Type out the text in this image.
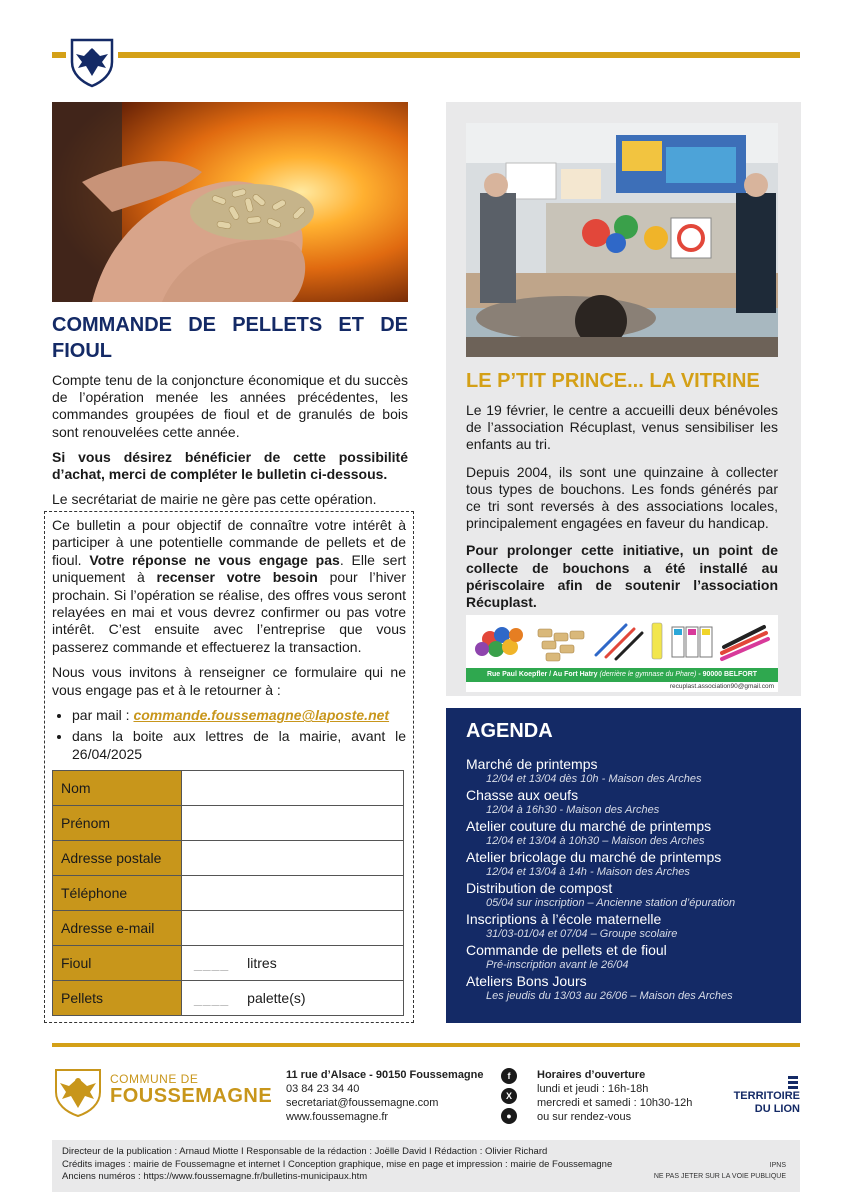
COMMANDE DE PELLETS ET DE FIOUL

Compte tenu de la conjoncture économique et du succès de l’opération menée les années précédentes, les commandes groupées de fioul et de granulés de bois sont renouvelées cette année.

Si vous désirez bénéficier de cette possibilité d’achat, merci de compléter le bulletin ci-dessous.

Le secrétariat de mairie ne gère pas cette opération.

Ce bulletin a pour objectif de connaître votre intérêt à participer à une potentielle commande de pellets et de fioul. Votre réponse ne vous engage pas. Elle sert uniquement à recenser votre besoin pour l’hiver prochain. Si l’opération se réalise, des offres vous seront relayées en mai et vous devrez confirmer ou pas votre intérêt. C’est ensuite avec l’entreprise que vous passerez commande et effectuerez la transaction.

Nous vous invitons à renseigner ce formulaire qui ne vous engage pas et à le retourner à :

• par mail : commande.foussemagne@laposte.net
• dans la boite aux lettres de la mairie, avant le 26/04/2025
Nom	
Prénom	
Adresse postale	
Téléphone	
Adresse e-mail	
Fioul	____ litres
Pellets	____ palette(s)
LE P’TIT PRINCE... LA VITRINE

Le 19 février, le centre a accueilli deux bénévoles de l’association Récuplast, venus sensibiliser les enfants au tri.

Depuis 2004, ils sont une quinzaine à collecter tous types de bouchons. Les fonds générés par ce tri sont reversés à des associations locales, principalement engagées en faveur du handicap.

Pour prolonger cette initiative, un point de collecte de bouchons a été installé au périscolaire afin de soutenir l’association Récuplast.

Rue Paul Koepfler / Au Fort Hatry (derrière le gymnase du Phare) - 90000 BELFORT
recuplast.association90@gmail.com
AGENDA
Marché de printemps
12/04 et 13/04 dès 10h - Maison des Arches
Chasse aux oeufs
12/04 à 16h30 - Maison des Arches
Atelier couture du marché de printemps
12/04 et 13/04 à 10h30 – Maison des Arches
Atelier bricolage du marché de printemps
12/04 et 13/04 à 14h - Maison des Arches
Distribution de compost
05/04 sur inscription – Ancienne station d’épuration
Inscriptions à l’école maternelle
31/03-01/04 et 07/04 – Groupe scolaire
Commande de pellets et de fioul
Pré-inscription avant le 26/04
Ateliers Bons Jours
Les jeudis du 13/03 au 26/06 – Maison des Arches
COMMUNE DE
FOUSSEMAGNE
11 rue d’Alsace - 90150 Foussemagne
03 84 23 34 40
secretariat@foussemagne.com
www.foussemagne.fr
f
X
●
Horaires d’ouverture
lundi et jeudi : 16h-18h
mercredi et samedi : 10h30-12h
ou sur rendez-vous
TERRITOIRE
DU LION
Directeur de la publication : Arnaud Miotte I Responsable de la rédaction : Joëlle David I Rédaction : Olivier Richard
Crédits images : mairie de Foussemagne et internet I Conception graphique, mise en page et impression : mairie de Foussemagne
Anciens numéros : https://www.foussemagne.fr/bulletins-municipaux.htm
IPNS
NE PAS JETER SUR LA VOIE PUBLIQUE
